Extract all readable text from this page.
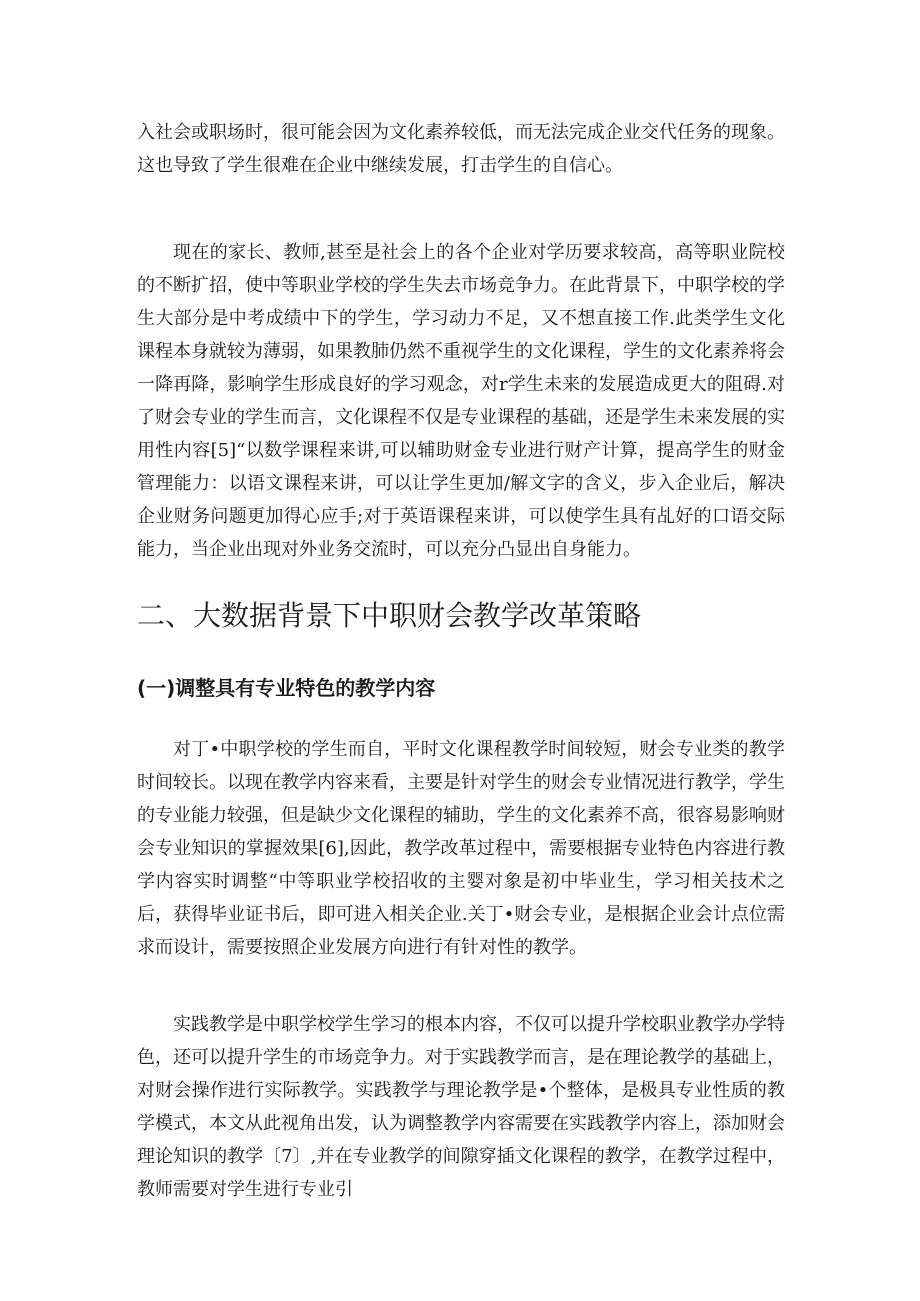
入社会或职场时，很可能会因为文化素养较低，而无法完成企业交代任务的现象。这也导致了学生很难在企业中继续发展，打击学生的自信心。

现在的家长、教师,甚至是社会上的各个企业对学历要求较高，高等职业院校的不断扩招，使中等职业学校的学生失去市场竞争力。在此背景下，中职学校的学生大部分是中考成绩中下的学生，学习动力不足，又不想直接工作.此类学生文化课程本身就较为薄弱，如果教肺仍然不重视学生的文化课程，学生的文化素养将会一降再降，影响学生形成良好的学习观念，对r学生未来的发展造成更大的阻碍.对了财会专业的学生而言，文化课程不仅是专业课程的基础，还是学生未来发展的实用性内容[5]“以数学课程来讲,可以辅助财金专业进行财产计算，提高学生的财金管理能力：以语文课程来讲，可以让学生更加/解文字的含义，步入企业后，解决企业财务问题更加得心应手;对于英语课程来讲，可以使学生具有乩好的口语交际能力，当企业出现对外业务交流时，可以充分凸显出自身能力。

二、大数据背景下中职财会教学改革策略
(一)调整具有专业特色的教学内容

对丁•中职学校的学生而自，平时文化课程教学时间较短，财会专业类的教学时间较长。以现在教学内容来看，主要是针对学生的财会专业情况进行教学，学生的专业能力较强，但是缺少文化课程的辅助，学生的文化素养不高，很容易影响财会专业知识的掌握效果[6],因此，教学改革过程中，需要根据专业特色内容进行教学内容实时调整“中等职业学校招收的主婴对象是初中毕业生，学习相关技术之后，获得毕业证书后，即可进入相关企业.关丁•财会专业，是根据企业会计点位需求而设计，需要按照企业发展方向进行有针对性的教学。

实践教学是中职学校学生学习的根本内容，不仅可以提升学校职业教学办学特色，还可以提升学生的市场竞争力。对于实践教学而言，是在理论教学的基础上，对财会操作进行实际教学。实践教学与理论教学是•个整体，是极具专业性质的教学模式，本文从此视角出发，认为调整教学内容需要在实践教学内容上，添加财会理论知识的教学〔7〕,并在专业教学的间隙穿插文化课程的教学，在教学过程中，教师需要对学生进行专业引
